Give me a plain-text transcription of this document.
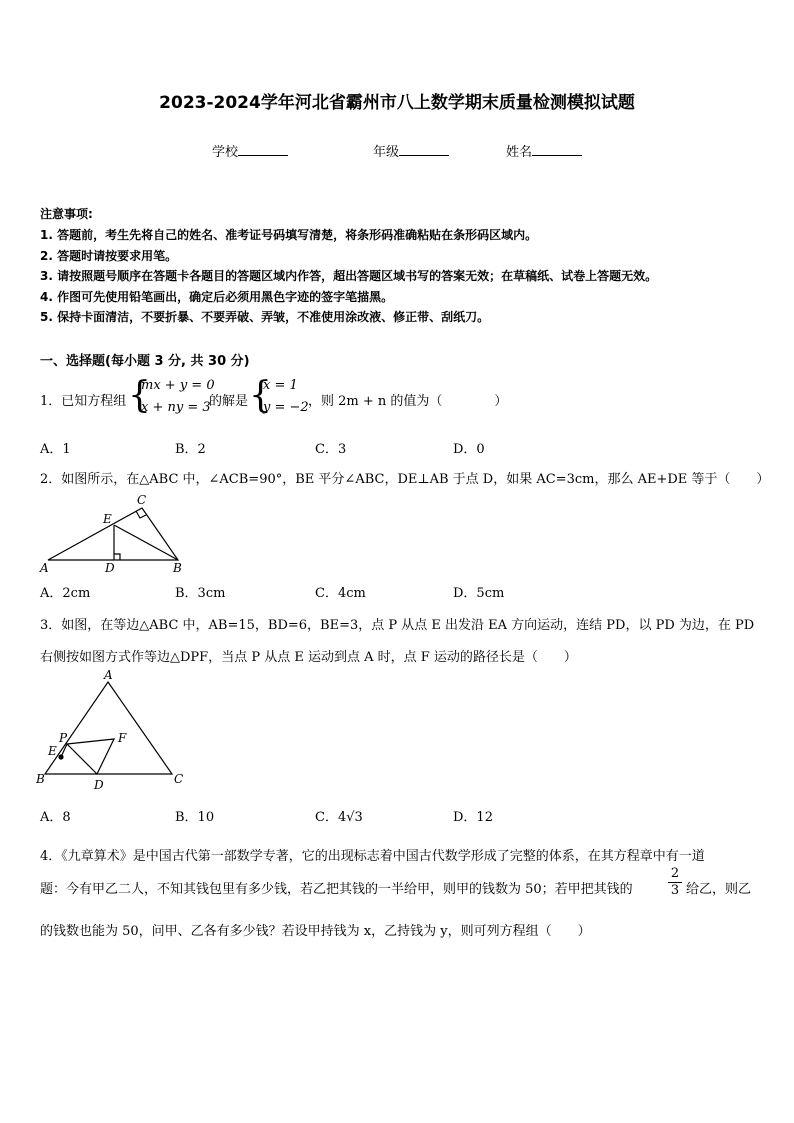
2023-2024学年河北省霸州市八上数学期末质量检测模拟试题
学校	年级	姓名
注意事项:
1. 答题前，考生先将自己的姓名、准考证号码填写清楚，将条形码准确粘贴在条形码区域内。
2. 答题时请按要求用笔。
3. 请按照题号顺序在答题卡各题目的答题区域内作答，超出答题区域书写的答案无效；在草稿纸、试卷上答题无效。
4. 作图可先使用铅笔画出，确定后必须用黑色字迹的签字笔描黑。
5. 保持卡面清洁，不要折暴、不要弄破、弄皱，不准使用涂改液、修正带、刮纸刀。
一、选择题(每小题 3 分, 共 30 分)
1．已知方程组 {
mx + y = 0
x + ny = 3
的解是 {
x = 1
y = −2 ，则 2m + n 的值为（　　　　）
A．1	B．2	C．3	D．0
2．如图所示，在△ABC 中，∠ACB=90°，BE 平分∠ABC，DE⊥AB 于点 D，如果 AC=3cm，那么 AE+DE 等于（　　）
C
E
A	D	B
A．2cm	B．3cm	C．4cm	D．5cm
3．如图，在等边△ABC 中，AB=15，BD=6，BE=3，点 P 从点 E 出发沿 EA 方向运动，连结 PD，以 PD 为边，在 PD
右侧按如图方式作等边△DPF，当点 P 从点 E 运动到点 A 时，点 F 运动的路径长是（　　）
A
P	F
E
B	D	C
A．8	B．10	C．4√3	D．12
4．《九章算术》是中国古代第一部数学专著，它的出现标志着中国古代数学形成了完整的体系，在其方程章中有一道
题：今有甲乙二人，不知其钱包里有多少钱，若乙把其钱的一半给甲，则甲的钱数为 50；若甲把其钱的	$\frac{2}{3}$ 给乙，则乙
的钱数也能为 50，问甲、乙各有多少钱？若设甲持钱为 x，乙持钱为 y，则可列方程组（　　）
